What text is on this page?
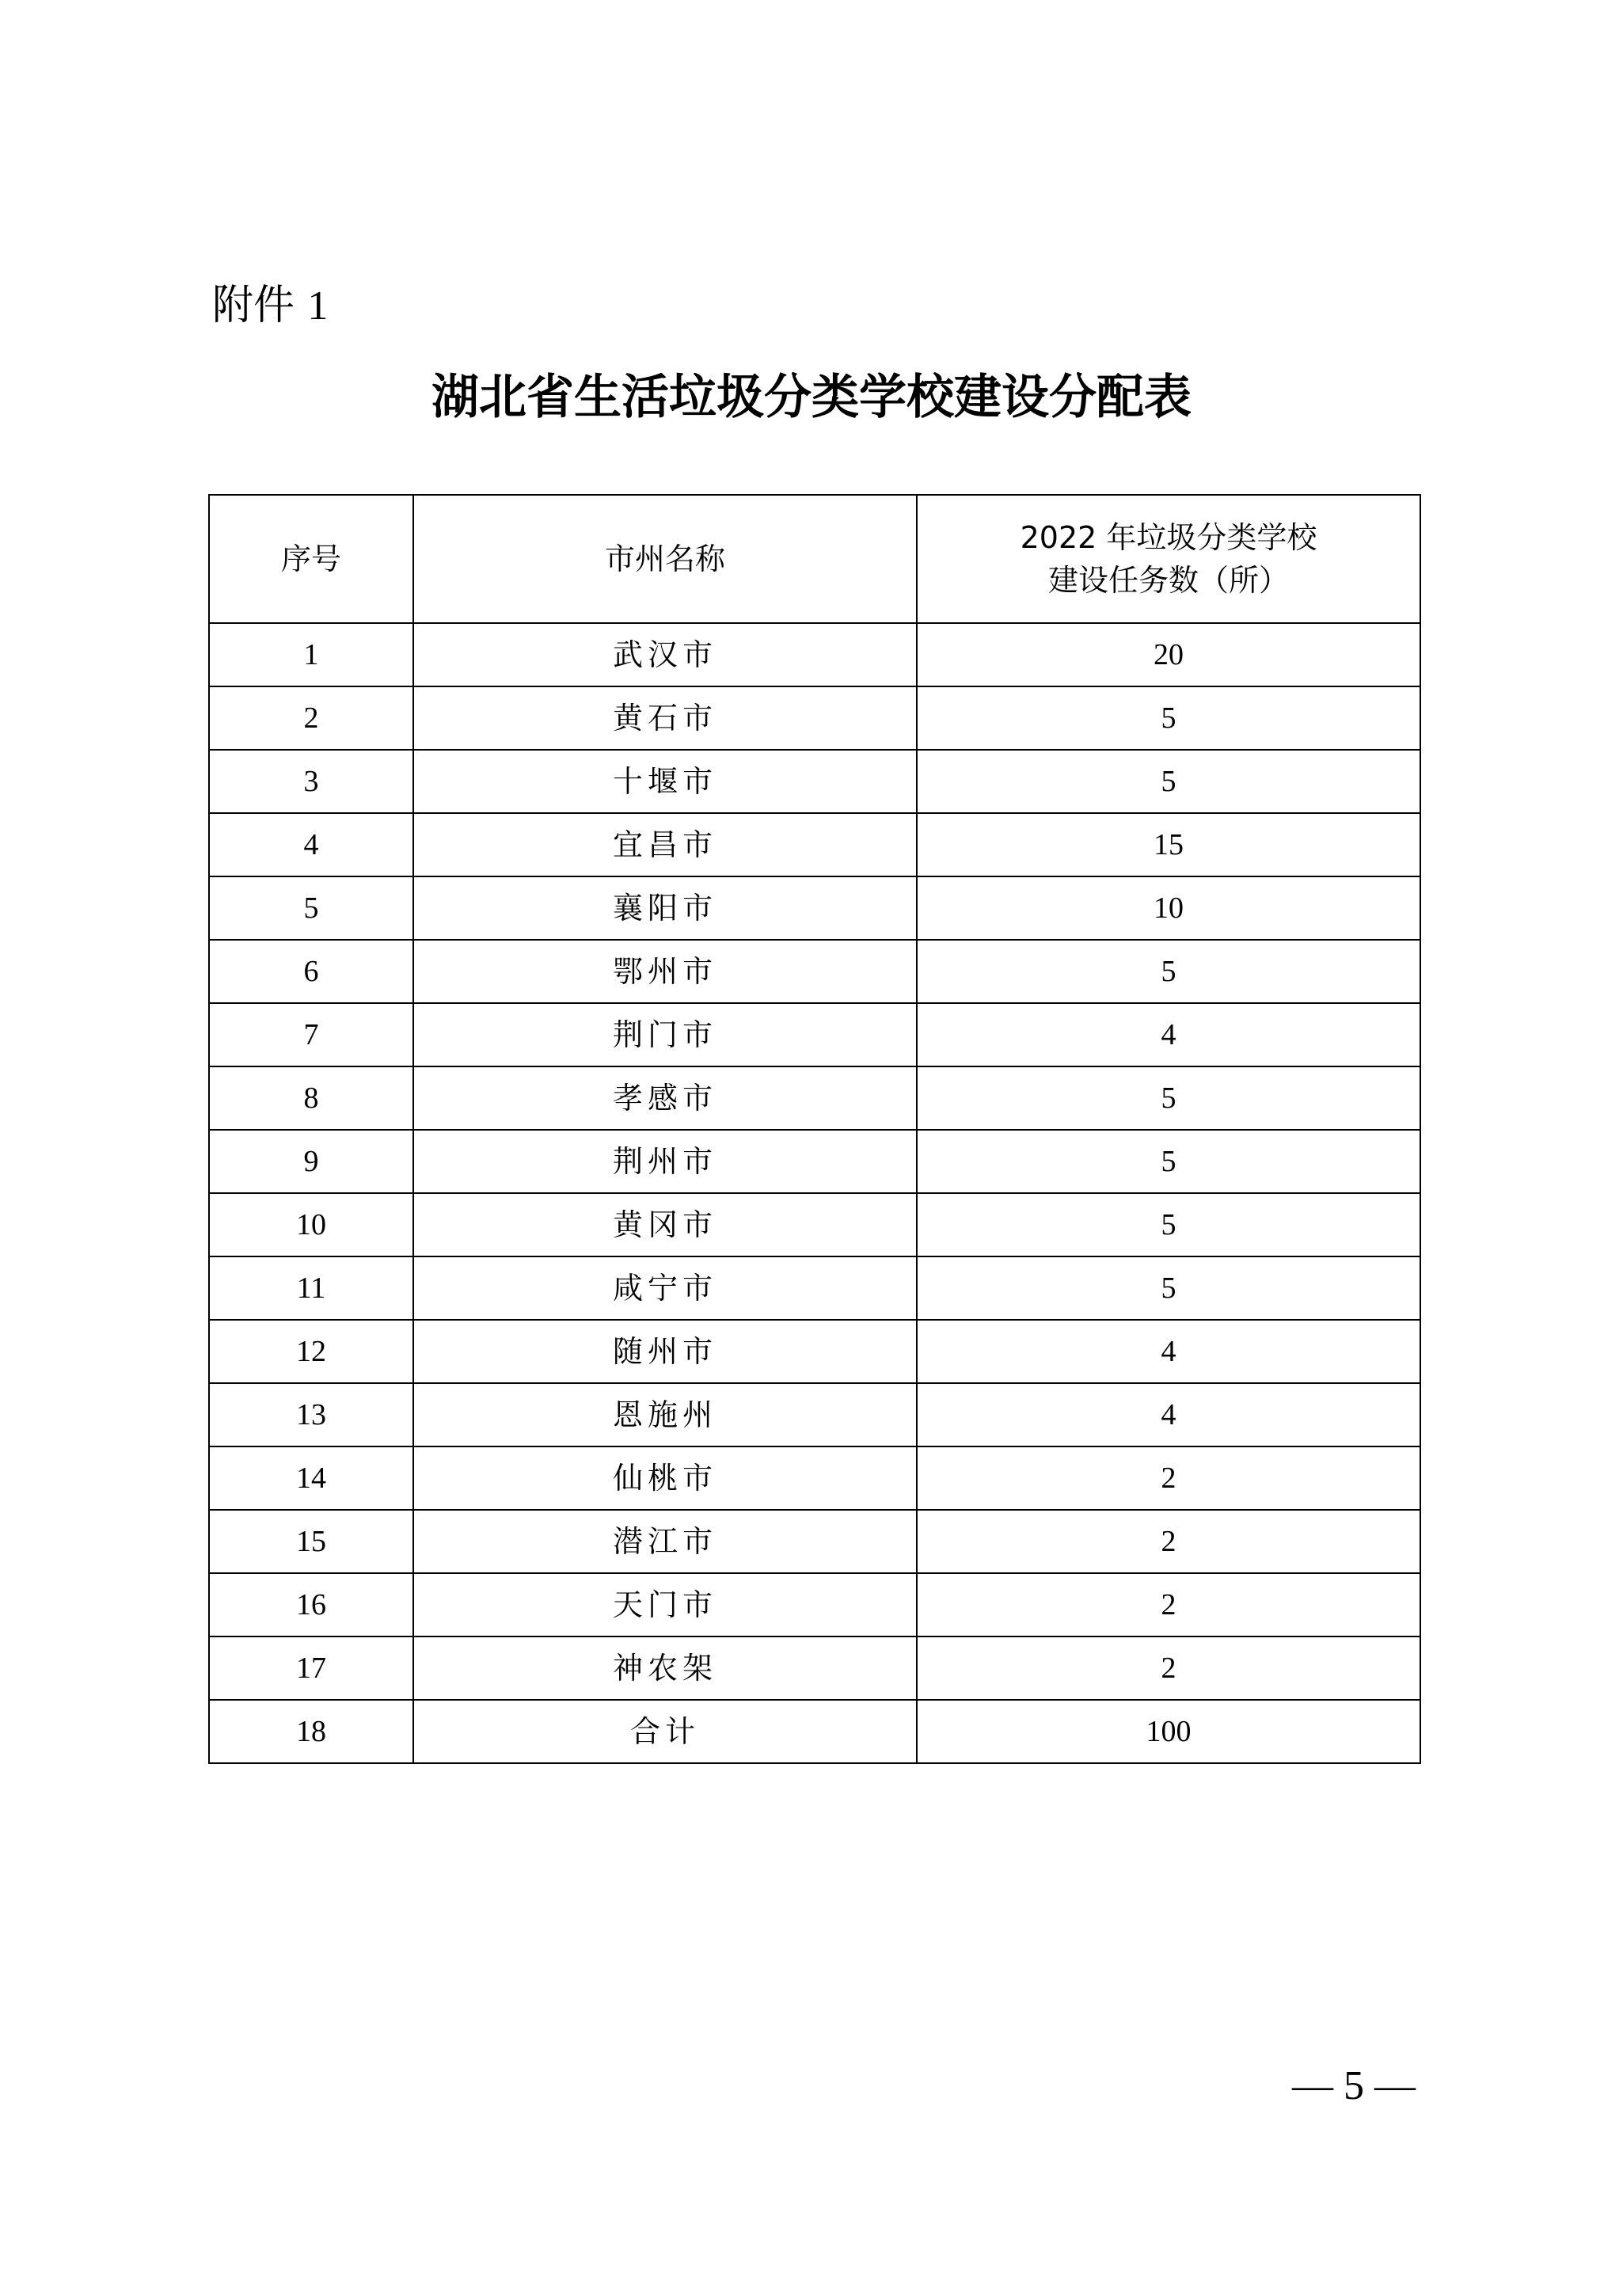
附件 1

湖北省生活垃圾分类学校建设分配表
序号	市州名称	2022 年垃圾分类学校
建设任务数（所）

1	武汉市	20
2	黄石市	5
3	十堰市	5
4	宜昌市	15
5	襄阳市	10
6	鄂州市	5
7	荆门市	4
8	孝感市	5
9	荆州市	5
10	黄冈市	5
11	咸宁市	5
12	随州市	4
13	恩施州	4
14	仙桃市	2
15	潜江市	2
16	天门市	2
17	神农架	2
18	合计	100
— 5 —
